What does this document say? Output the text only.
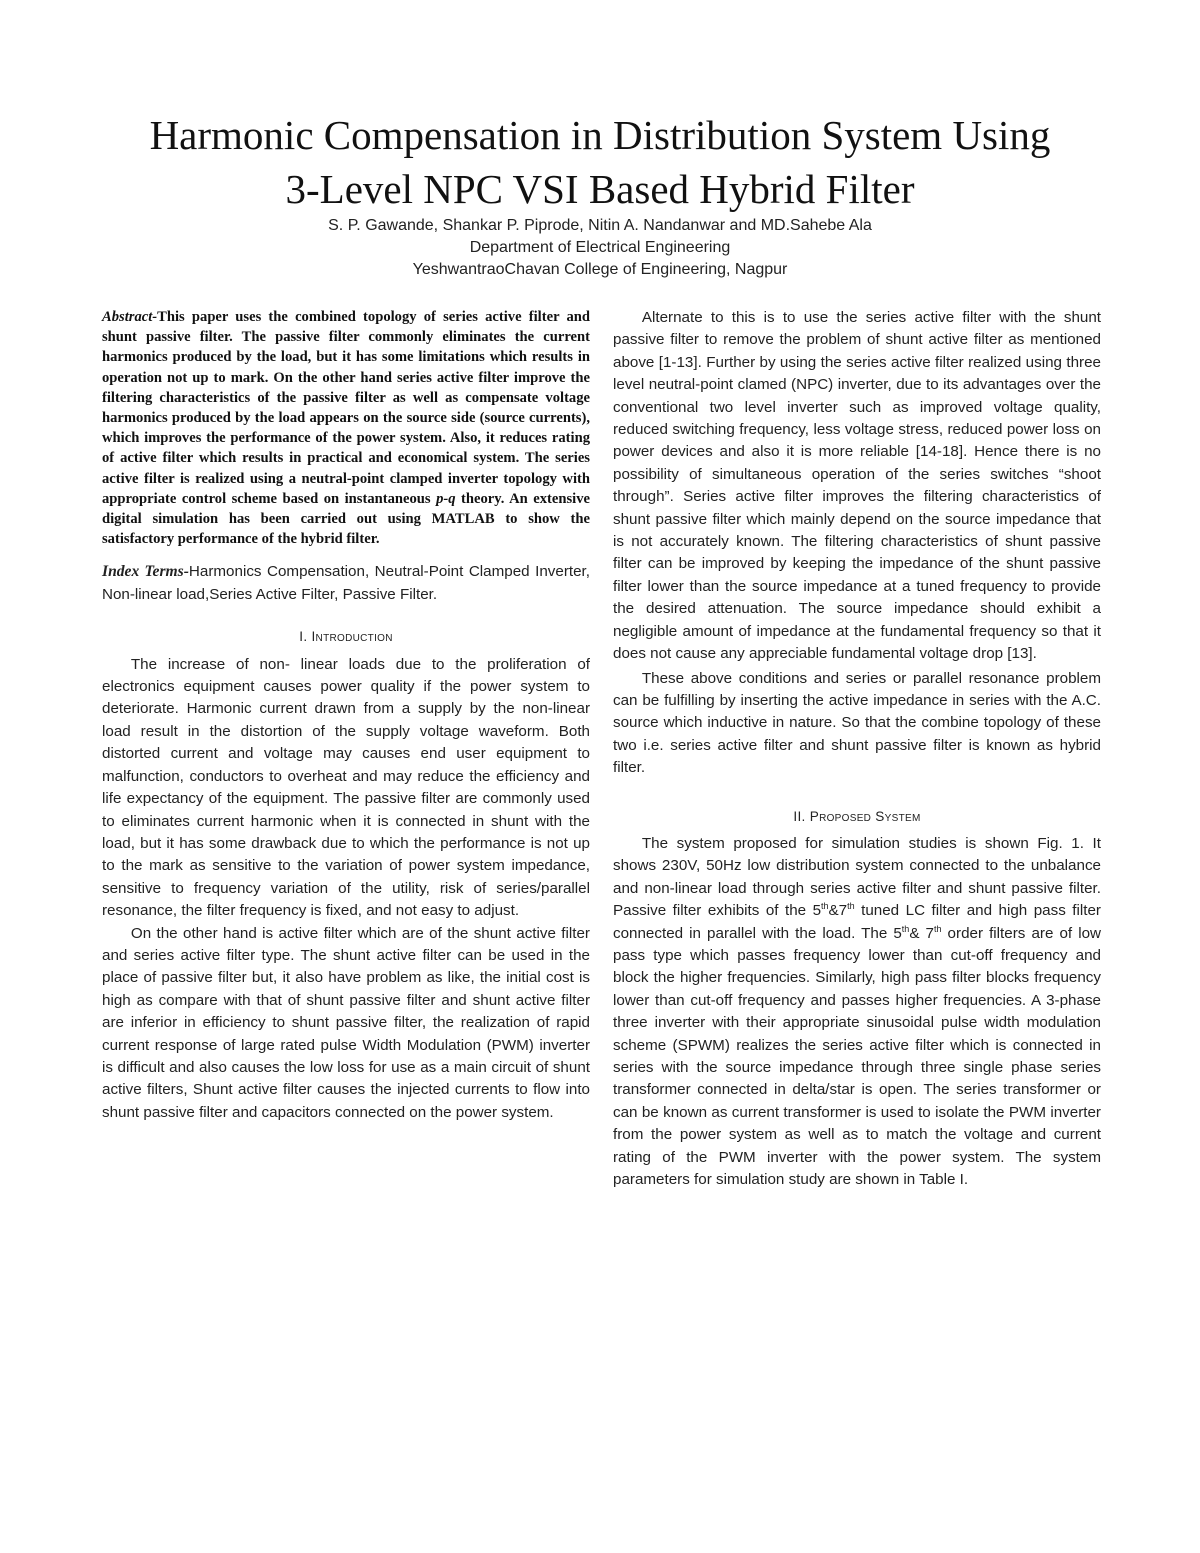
Harmonic Compensation in Distribution System Using
3-Level NPC VSI Based Hybrid Filter
S. P. Gawande, Shankar P. Piprode, Nitin A. Nandanwar and MD.Sahebe Ala
Department of Electrical Engineering
YeshwantraoChavan College of Engineering, Nagpur

Abstract-This paper uses the combined topology of series active filter and shunt passive filter. The passive filter commonly eliminates the current harmonics produced by the load, but it has some limitations which results in operation not up to mark. On the other hand series active filter improve the filtering characteristics of the passive filter as well as compensate voltage harmonics produced by the load appears on the source side (source currents), which improves the performance of the power system. Also, it reduces rating of active filter which results in practical and economical system. The series active filter is realized using a neutral-point clamped inverter topology with appropriate control scheme based on instantaneous p-q theory. An extensive digital simulation has been carried out using MATLAB to show the satisfactory performance of the hybrid filter.

Index Terms-Harmonics Compensation, Neutral-Point Clamped Inverter, Non-linear load,Series Active Filter, Passive Filter.

I. Introduction

The increase of non- linear loads due to the proliferation of electronics equipment causes power quality if the power system to deteriorate. Harmonic current drawn from a supply by the non-linear load result in the distortion of the supply voltage waveform. Both distorted current and voltage may causes end user equipment to malfunction, conductors to overheat and may reduce the efficiency and life expectancy of the equipment. The passive filter are commonly used to eliminates current harmonic when it is connected in shunt with the load, but it has some drawback due to which the performance is not up to the mark as sensitive to the variation of power system impedance, sensitive to frequency variation of the utility, risk of series/parallel resonance, the filter frequency is fixed, and not easy to adjust.

On the other hand is active filter which are of the shunt active filter and series active filter type. The shunt active filter can be used in the place of passive filter but, it also have problem as like, the initial cost is high as compare with that of shunt passive filter and shunt active filter are inferior in efficiency to shunt passive filter, the realization of rapid current response of large rated pulse Width Modulation (PWM) inverter is difficult and also causes the low loss for use as a main circuit of shunt active filters, Shunt active filter causes the injected currents to flow into shunt passive filter and capacitors connected on the power system.

Alternate to this is to use the series active filter with the shunt passive filter to remove the problem of shunt active filter as mentioned above [1-13]. Further by using the series active filter realized using three level neutral-point clamed (NPC) inverter, due to its advantages over the conventional two level inverter such as improved voltage quality, reduced switching frequency, less voltage stress, reduced power loss on power devices and also it is more reliable [14-18]. Hence there is no possibility of simultaneous operation of the series switches “shoot through”. Series active filter improves the filtering characteristics of shunt passive filter which mainly depend on the source impedance that is not accurately known. The filtering characteristics of shunt passive filter can be improved by keeping the impedance of the shunt passive filter lower than the source impedance at a tuned frequency to provide the desired attenuation. The source impedance should exhibit a negligible amount of impedance at the fundamental frequency so that it does not cause any appreciable fundamental voltage drop [13].

These above conditions and series or parallel resonance problem can be fulfilling by inserting the active impedance in series with the A.C. source which inductive in nature. So that the combine topology of these two i.e. series active filter and shunt passive filter is known as hybrid filter.

II. Proposed System

The system proposed for simulation studies is shown Fig. 1. It shows 230V, 50Hz low distribution system connected to the unbalance and non-linear load through series active filter and shunt passive filter. Passive filter exhibits of the 5th&7th tuned LC filter and high pass filter connected in parallel with the load. The 5th& 7th order filters are of low pass type which passes frequency lower than cut-off frequency and block the higher frequencies. Similarly, high pass filter blocks frequency lower than cut-off frequency and passes higher frequencies. A 3-phase three inverter with their appropriate sinusoidal pulse width modulation scheme (SPWM) realizes the series active filter which is connected in series with the source impedance through three single phase series transformer connected in delta/star is open. The series transformer or can be known as current transformer is used to isolate the PWM inverter from the power system as well as to match the voltage and current rating of the PWM inverter with the power system. The system parameters for simulation study are shown in Table I.
